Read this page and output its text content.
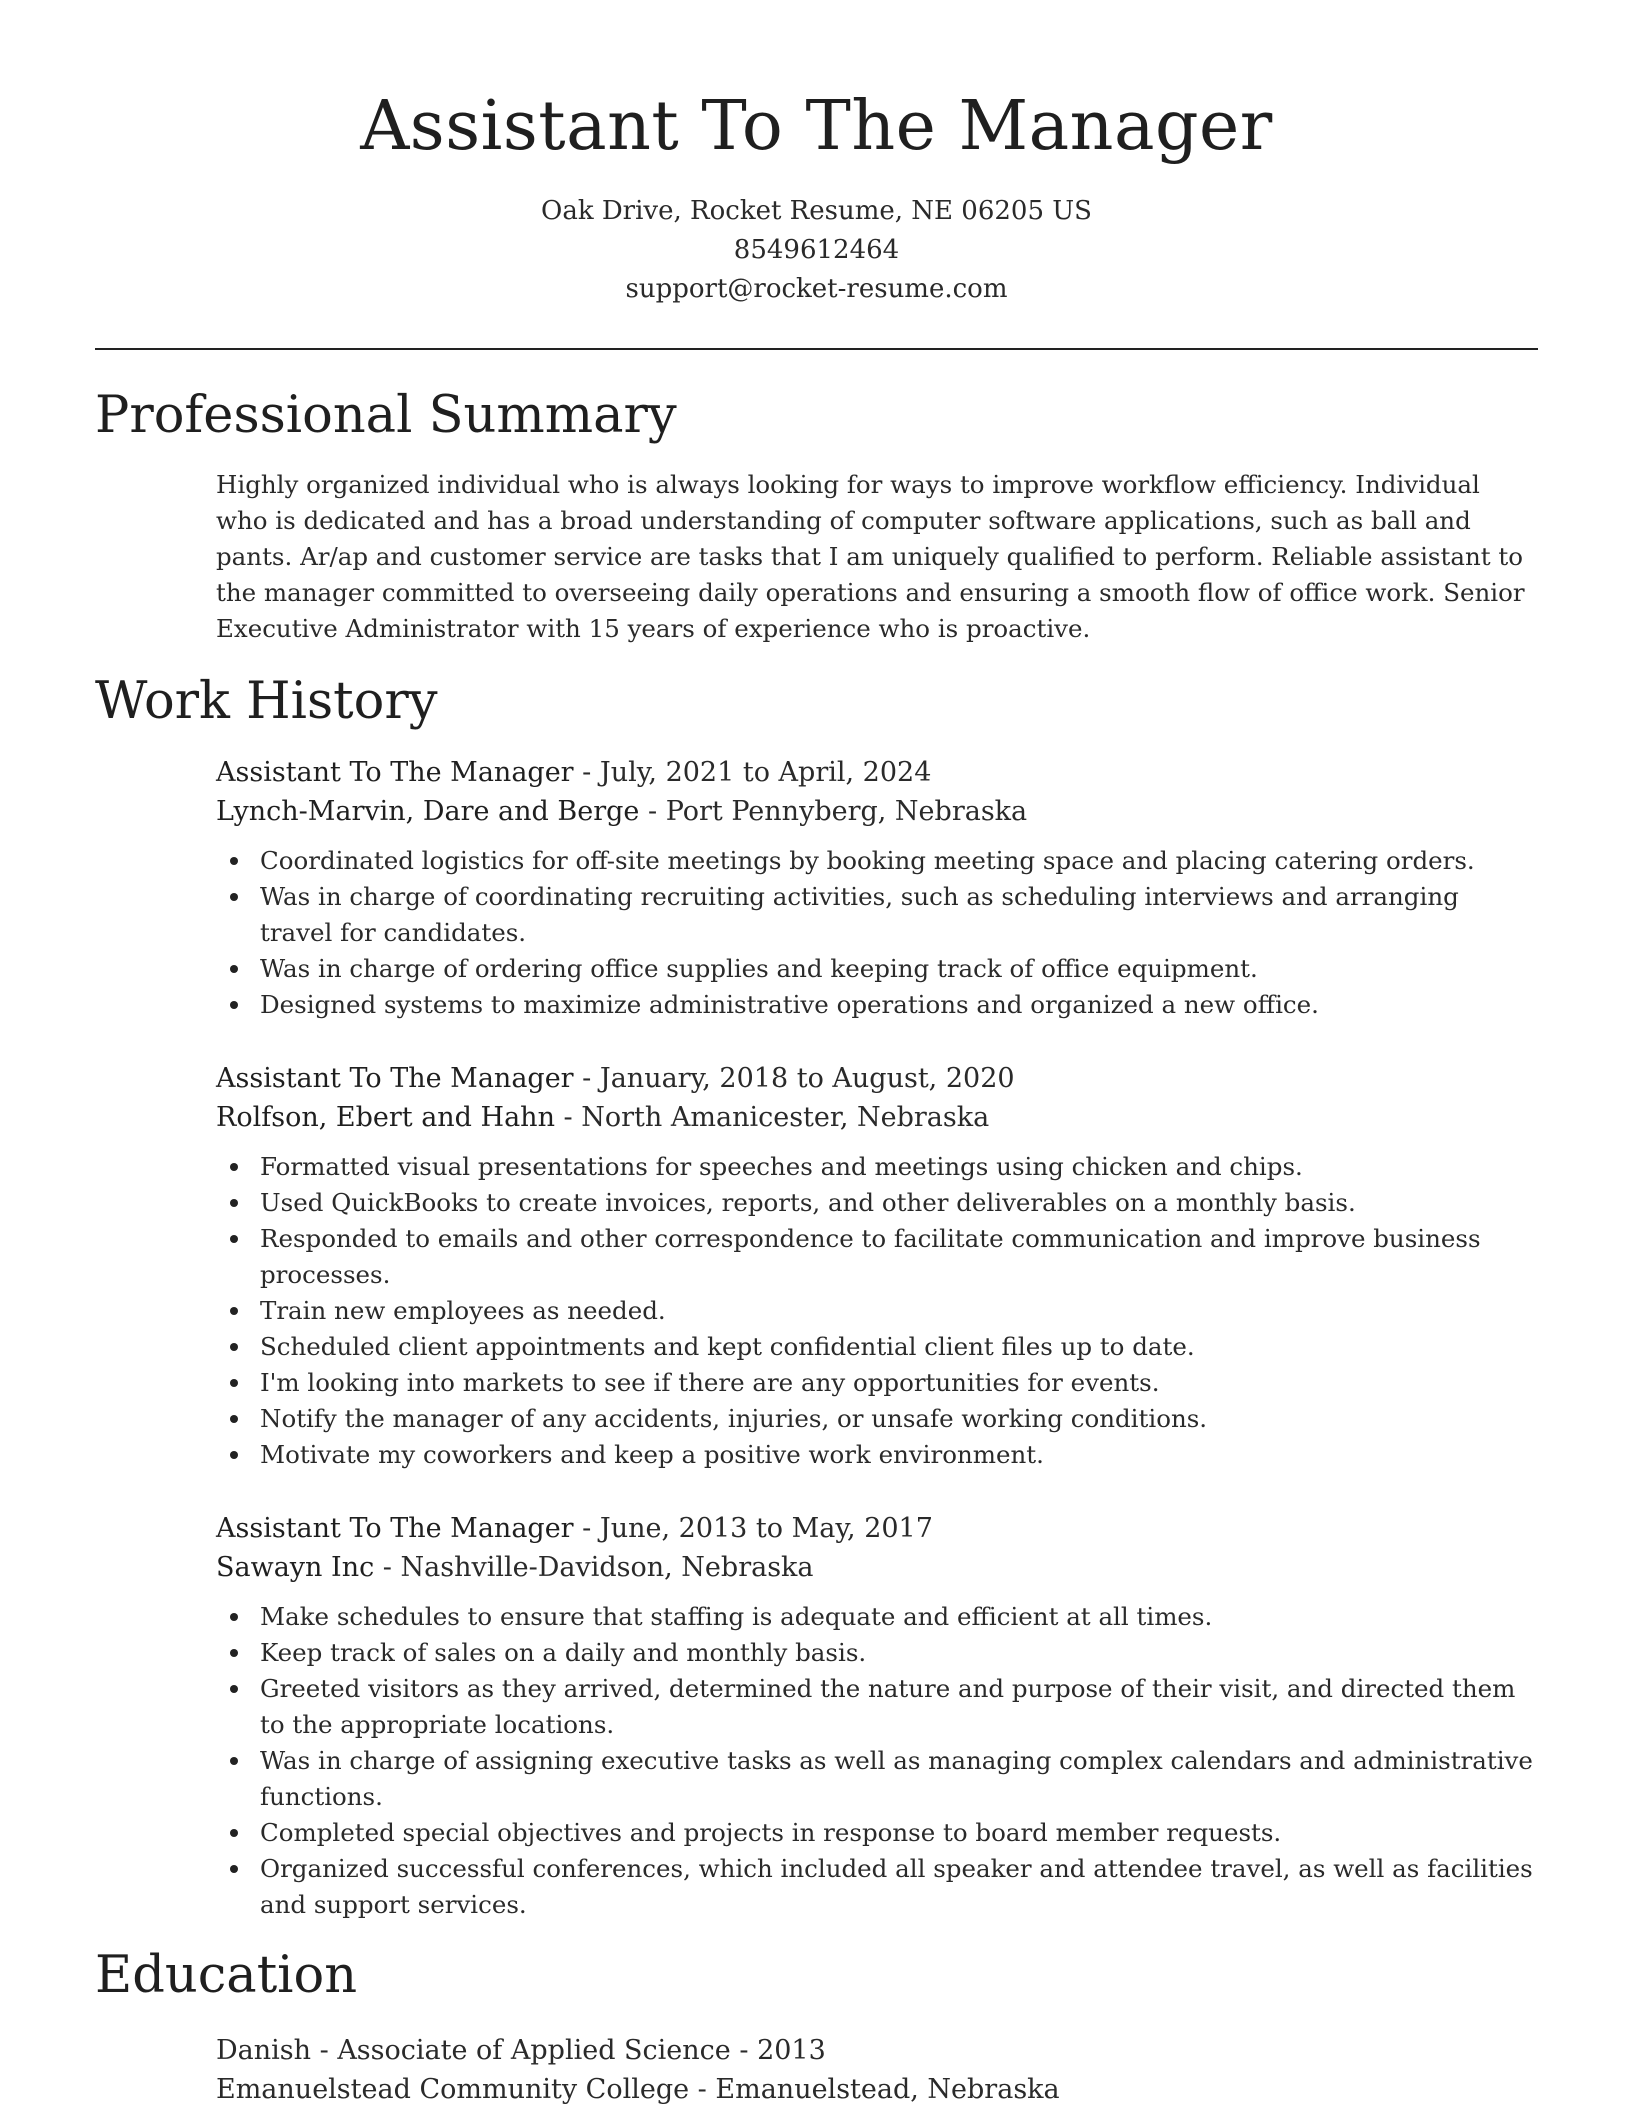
Assistant To The Manager
Oak Drive, Rocket Resume, NE 06205 US
8549612464
support@rocket-resume.com
Professional Summary
Highly organized individual who is always looking for ways to improve workflow efficiency. Individual who is dedicated and has a broad understanding of computer software applications, such as ball and pants. Ar/ap and customer service are tasks that I am uniquely qualified to perform. Reliable assistant to the manager committed to overseeing daily operations and ensuring a smooth flow of office work. Senior Executive Administrator with 15 years of experience who is proactive.
Work History
Assistant To The Manager - July, 2021 to April, 2024
Lynch-Marvin, Dare and Berge - Port Pennyberg, Nebraska
Coordinated logistics for off-site meetings by booking meeting space and placing catering orders.
Was in charge of coordinating recruiting activities, such as scheduling interviews and arranging travel for candidates.
Was in charge of ordering office supplies and keeping track of office equipment.
Designed systems to maximize administrative operations and organized a new office.
Assistant To The Manager - January, 2018 to August, 2020
Rolfson, Ebert and Hahn - North Amanicester, Nebraska
Formatted visual presentations for speeches and meetings using chicken and chips.
Used QuickBooks to create invoices, reports, and other deliverables on a monthly basis.
Responded to emails and other correspondence to facilitate communication and improve business processes.
Train new employees as needed.
Scheduled client appointments and kept confidential client files up to date.
I'm looking into markets to see if there are any opportunities for events.
Notify the manager of any accidents, injuries, or unsafe working conditions.
Motivate my coworkers and keep a positive work environment.
Assistant To The Manager - June, 2013 to May, 2017
Sawayn Inc - Nashville-Davidson, Nebraska
Make schedules to ensure that staffing is adequate and efficient at all times.
Keep track of sales on a daily and monthly basis.
Greeted visitors as they arrived, determined the nature and purpose of their visit, and directed them to the appropriate locations.
Was in charge of assigning executive tasks as well as managing complex calendars and administrative functions.
Completed special objectives and projects in response to board member requests.
Organized successful conferences, which included all speaker and attendee travel, as well as facilities and support services.
Education
Danish - Associate of Applied Science - 2013
Emanuelstead Community College - Emanuelstead, Nebraska
